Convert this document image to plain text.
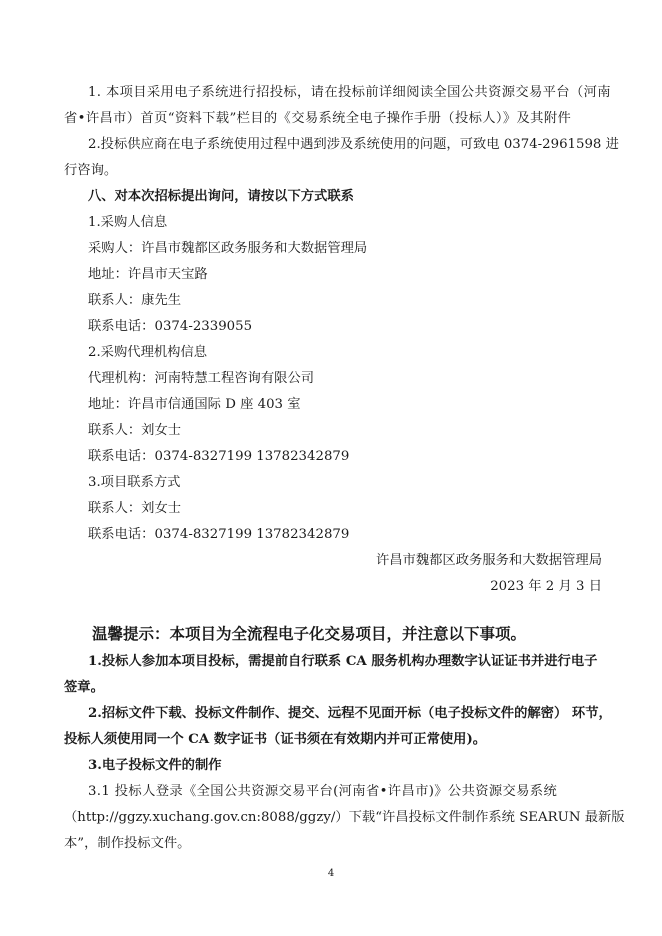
1. 本项目采用电子系统进行招投标，请在投标前详细阅读全国公共资源交易平台（河南
省•许昌市）首页“资料下载”栏目的《交易系统全电子操作手册（投标人）》及其附件
2.投标供应商在电子系统使用过程中遇到涉及系统使用的问题，可致电 0374-2961598 进
行咨询。
八、对本次招标提出询问，请按以下方式联系
1.采购人信息
采购人：许昌市魏都区政务服务和大数据管理局
地址：许昌市天宝路
联系人：康先生
联系电话：0374-2339055
2.采购代理机构信息
代理机构：河南特慧工程咨询有限公司
地址：许昌市信通国际 D 座 403 室
联系人：刘女士
联系电话：0374-8327199 13782342879
3.项目联系方式
联系人：刘女士
联系电话：0374-8327199 13782342879
许昌市魏都区政务服务和大数据管理局
2023 年 2 月 3 日
温馨提示：本项目为全流程电子化交易项目，并注意以下事项。
1.投标人参加本项目投标，需提前自行联系 CA 服务机构办理数字认证证书并进行电子
签章。
2.招标文件下载、投标文件制作、提交、远程不见面开标（电子投标文件的解密） 环节，
投标人须使用同一个 CA 数字证书（证书须在有效期内并可正常使用)。
3.电子投标文件的制作
3.1 投标人登录《全国公共资源交易平台(河南省•许昌市)》公共资源交易系统
（http://ggzy.xuchang.gov.cn:8088/ggzy/）下载“许昌投标文件制作系统 SEARUN 最新版
本”，制作投标文件。
4
